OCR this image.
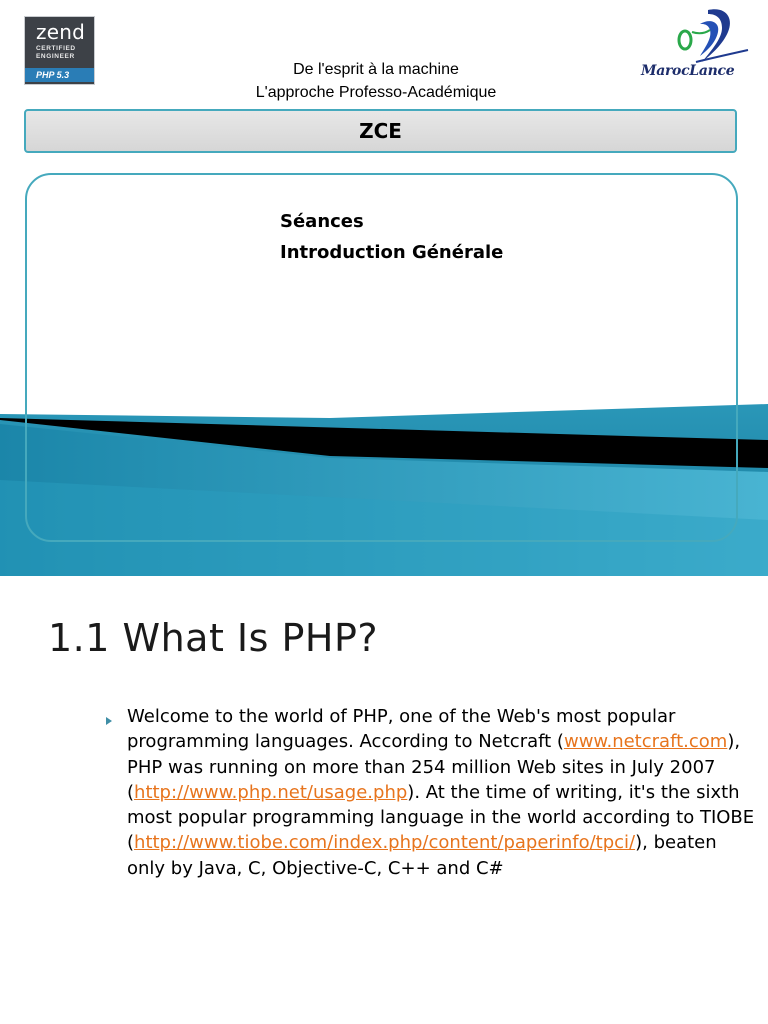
zend
CERTIFIED
ENGINEER
PHP 5.3	De l'esprit à la machine
L'approche Professo-Académique
MarocLance
ZCE
Séances
Introduction Générale
1.1 What Is PHP?
Welcome to the world of PHP, one of the Web's most popular programming languages. According to Netcraft (www.netcraft.com), PHP was running on more than 254 million Web sites in July 2007 (http://www.php.net/usage.php). At the time of writing, it's the sixth most popular programming language in the world according to TIOBE (http://www.tiobe.com/index.php/content/paperinfo/tpci/), beaten only by Java, C, Objective-C, C++ and C#
